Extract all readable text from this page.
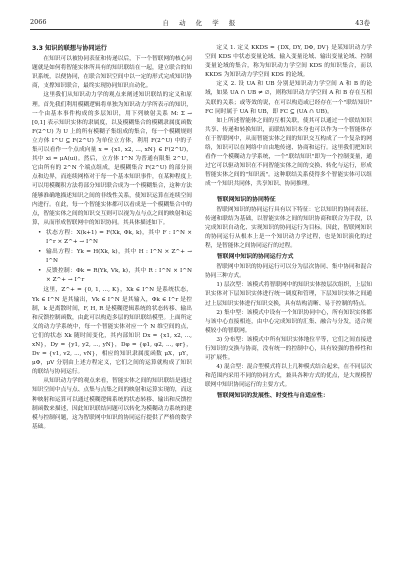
2066	自 动 化 学 报	43卷
3.3 知识的联想与协同运行

在知识可以被协同表征和传递以后，下一个智联网的核心问题就是如何将智能实体所具有的知识联结在一起，建立联合的知识系统，以便协同，在联合知识空间中以一定的形式完成知识协商，支撑知识联合，最终实现协同知识自动化。

这里我们从知识动力学的观点来阐述知识联结的定义和原理。首先我们利用模糊逻辑将单独为知识动力学所表示的知识，一个由基本事件构成的多层知识，用下列映射关系 M: Σ → [0,1] 表示知识实体的隶属度，以及模糊集合的模糊隶属度函数 F(2^U) 为 U 上的所有模糊子集组成的集合，每一个模糊规则立方体 I^U ⊆ F(2^U) 为单位立方体，利用 F(2^U) 中的子集可以看作一个点成向量 x = {x1, x2, ..., xN} ∈ F(2^U)，其中 xi = μA(ui)。然后，立方体 I^N 为普通有限集 2^U，它由所有的 2^N 个端点组成，是模糊集合 F(2^U) 的部分顶点和边界，而连续网格对于每一个基本知识事件，在某种程度上可以用模糊积方法将部分知识联合成为一个模糊集合，这种方法能够准确地描述知识之间的非线性关系，使知识运算在连续空间内进行。在此，每一个智能实体都可以看成是一个模糊集合中的点，智能实体之间的知识交互则可以视为点与点之间的映射和运算，从而形成智联网中的知识协同。其具体描述如下。

• 状态方程：X(k+1) = F(Xk, Φk, k)，其中 F : I^N × I^r × Z^+ → I^N
• 输出方程：Yk = H(Xk, k)，其中 H : I^N × Z^+ → I^N
• 反馈控制：Φk = R(Yk, Vk, k)，其中 R : I^N × I^N × Z^+ → I^r

这里，Z^+ = {0, 1, ..., K}，Xk ∈ I^N 是系统状态，Yk ∈ I^N 是其输出，Vk ∈ I^N 是其输入，Φk ∈ I^r 是控制，k 是离散时间，F, H, R 是模糊逻辑系统的状态转移、输出和反馈控制函数，由此可以构造多层的知识联结模型。上面所定义的动力学系统中，每一个智能实体对应一个 N 维空间的点，它们的状态 Xk 随时间变化，其内部知识 Dx = {x1, x2, ..., xN}，Dy = {y1, y2, ..., yN}，Dφ = {φ1, φ2, ..., φr}，Dv = {v1, v2, ..., vN}，相应的知识隶属度函数 μX，μY，μΦ，μV 分别由上述方程定义，它们之间的运算就构成了知识的联结与协同运行。

从知识动力学的观点来看，智能实体之间的知识联结是通过知识空间中点与点、点集与点集之间的映射和运算实现的，而这种映射和运算可以通过模糊逻辑系统的状态转移、输出和反馈控制函数来描述，因此知识联结问题可以转化为模糊动力系统的建模与控制问题，这为智联网中知识的协同运行提供了严格的数学基础。

定义 1. 定义 KKDS = {DX, DY, DΦ, DV} 是某知识动力学空间 KDS 中状态变量论域、输入变量论域、输出变量论域、控制变量论域的集合，称为知识动力学空间 KDS 的知识集合，而以 KKDS 为知识动力学空间 KDS 的论域。

定义 2. 设 UA 和 UB 分别是知识动力学空间 A 和 B 的论域，如果 UA ∩ UB ≠ ∅，则称知识动力学空间 A 和 B 存在互相关联的关系；或等效的说，在可以构造或已经存在一个"联结知识" FC 同时属于 UA 和 UB，即 FC ⊆ (UA ∩ UB)。

如上所述智能体之间的互相关联，使其可以通过一个联结知识共享、传递和转换知识，而联结知识本身也可以作为一个智能体存在于智联网中，从而智能实体之间的知识交互构成了一个复杂的网络，知识可以在网络中自由地传递、协商和运行。这里我们把知识看作一个模糊动力学系统，一个"联结知识"即为一个控制变量，通过它可以驱动知识在不同智能实体之间的交换、转化与运行，形成智能实体之间的"知识流"。这种联结关系使得多个智能实体可以组成一个知识共同体，共享知识、协同推理。

智联网知识的协同特征

智联网知识的协同运行具有以下特征：它以知识的协同表征、传递和联结为基础，以智能实体之间的知识协商和联合为手段，以完成知识自动化、实现知识的协同运行为目标。因此，智联网知识的协同运行从根本上是一个知识动力学过程，也是知识演化的过程，是智能体之间协同运行的过程。

智联网中知识的协同运行方式

智联网中知识的协同运行可以分为层次协同、集中协同和混合协同三种方式。

1) 层次型：该模式将智联网中的知识实体按层次组织，上层知识实体对下层知识实体进行统一调度和管理，下层知识实体之间通过上层知识实体进行知识交换，具有结构清晰、易于控制的特点。

2) 集中型：该模式中设有一个知识协同中心，所有知识实体都与该中心直接相连，由中心完成知识的汇集、融合与分发，适合规模较小的智联网。

3) 分布型：该模式中所有知识实体地位平等，它们之间直接进行知识的交换与协商，没有统一的控制中心，具有较强的鲁棒性和可扩展性。

4) 混合型：混合型模式将以上几种模式结合起来，在不同层次和范围内采用不同的协同方式，兼具各种方式的优点，是大规模智联网中知识协同运行的主要方式。

智联网知识的发展性、时变性与自适应性：
